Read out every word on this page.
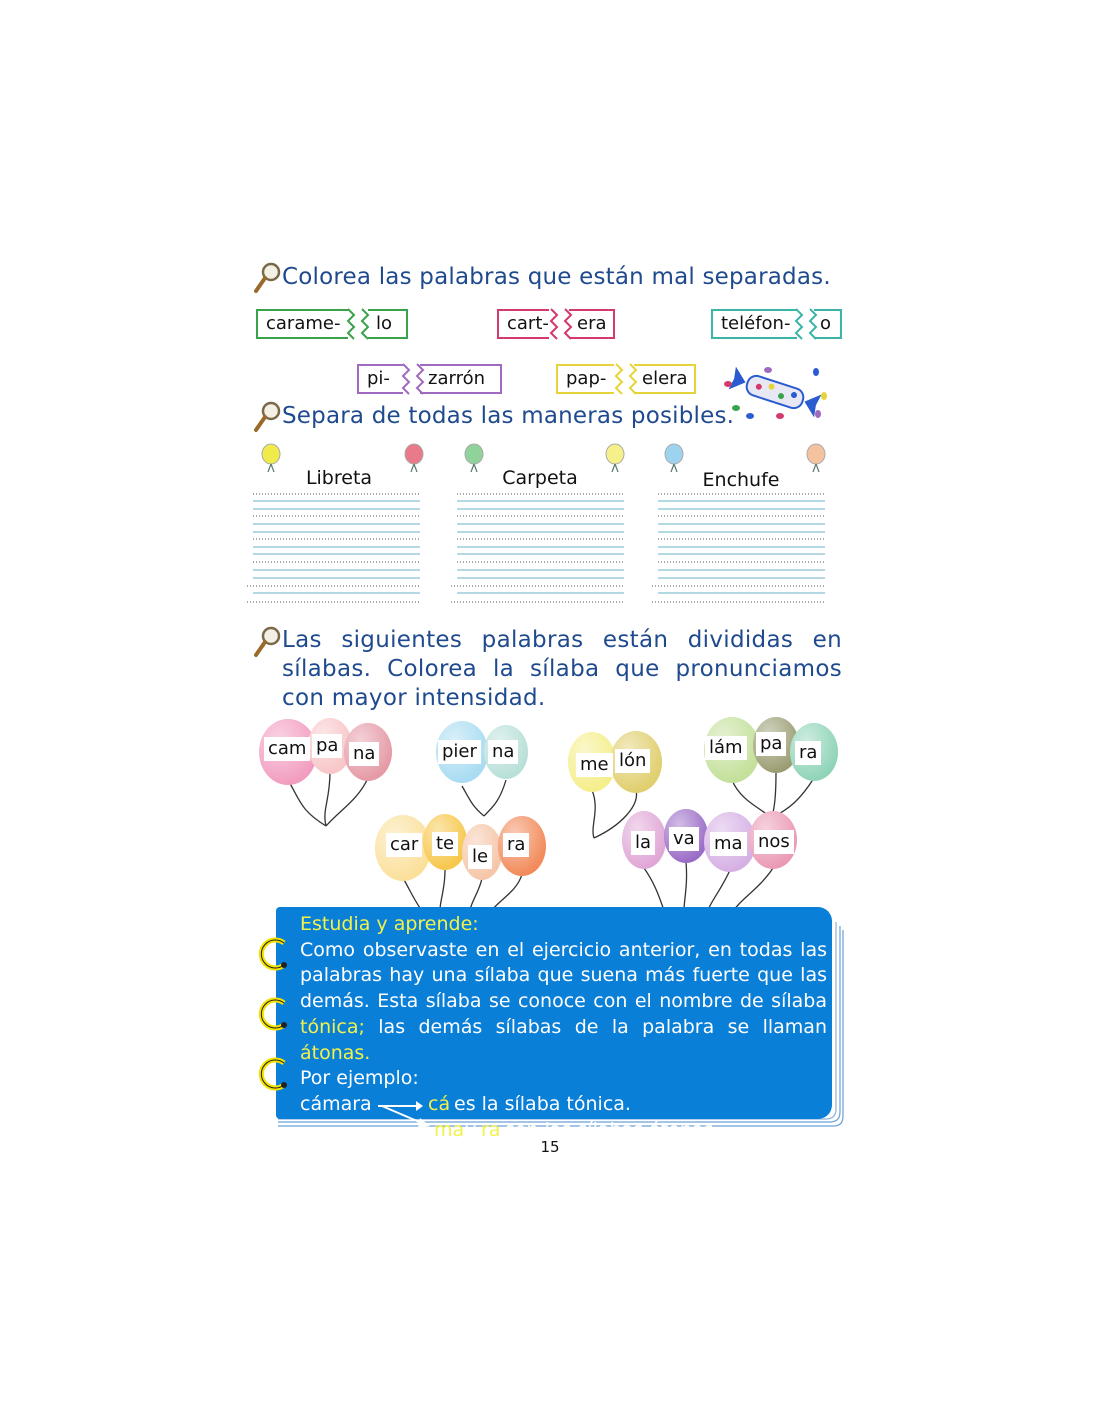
Colorea las palabras que están mal separadas.
carame-	lo	cart-	era	teléfon-	o
pi-	zarrón	pap-	elera
Separa de todas las maneras posibles.
Libreta	Carpeta	Enchufe
Las siguientes palabras están divididas en sílabas. Colorea la sílaba que pronunciamos con mayor intensidad.
cam pa na	pier na
me lón
lám pa ra
car te
le
ra	la va ma nos
Estudia y aprende:
Como observaste en el ejercicio anterior, en todas las palabras hay una sílaba que suena más fuerte que las demás. Esta sílaba se conoce con el nombre de sílaba tónica; las demás sílabas de la palabra se llaman átonas.
Por ejemplo:
cámara	cá es la sílaba tónica.
ma y ra son las sílabas átonas.
15
